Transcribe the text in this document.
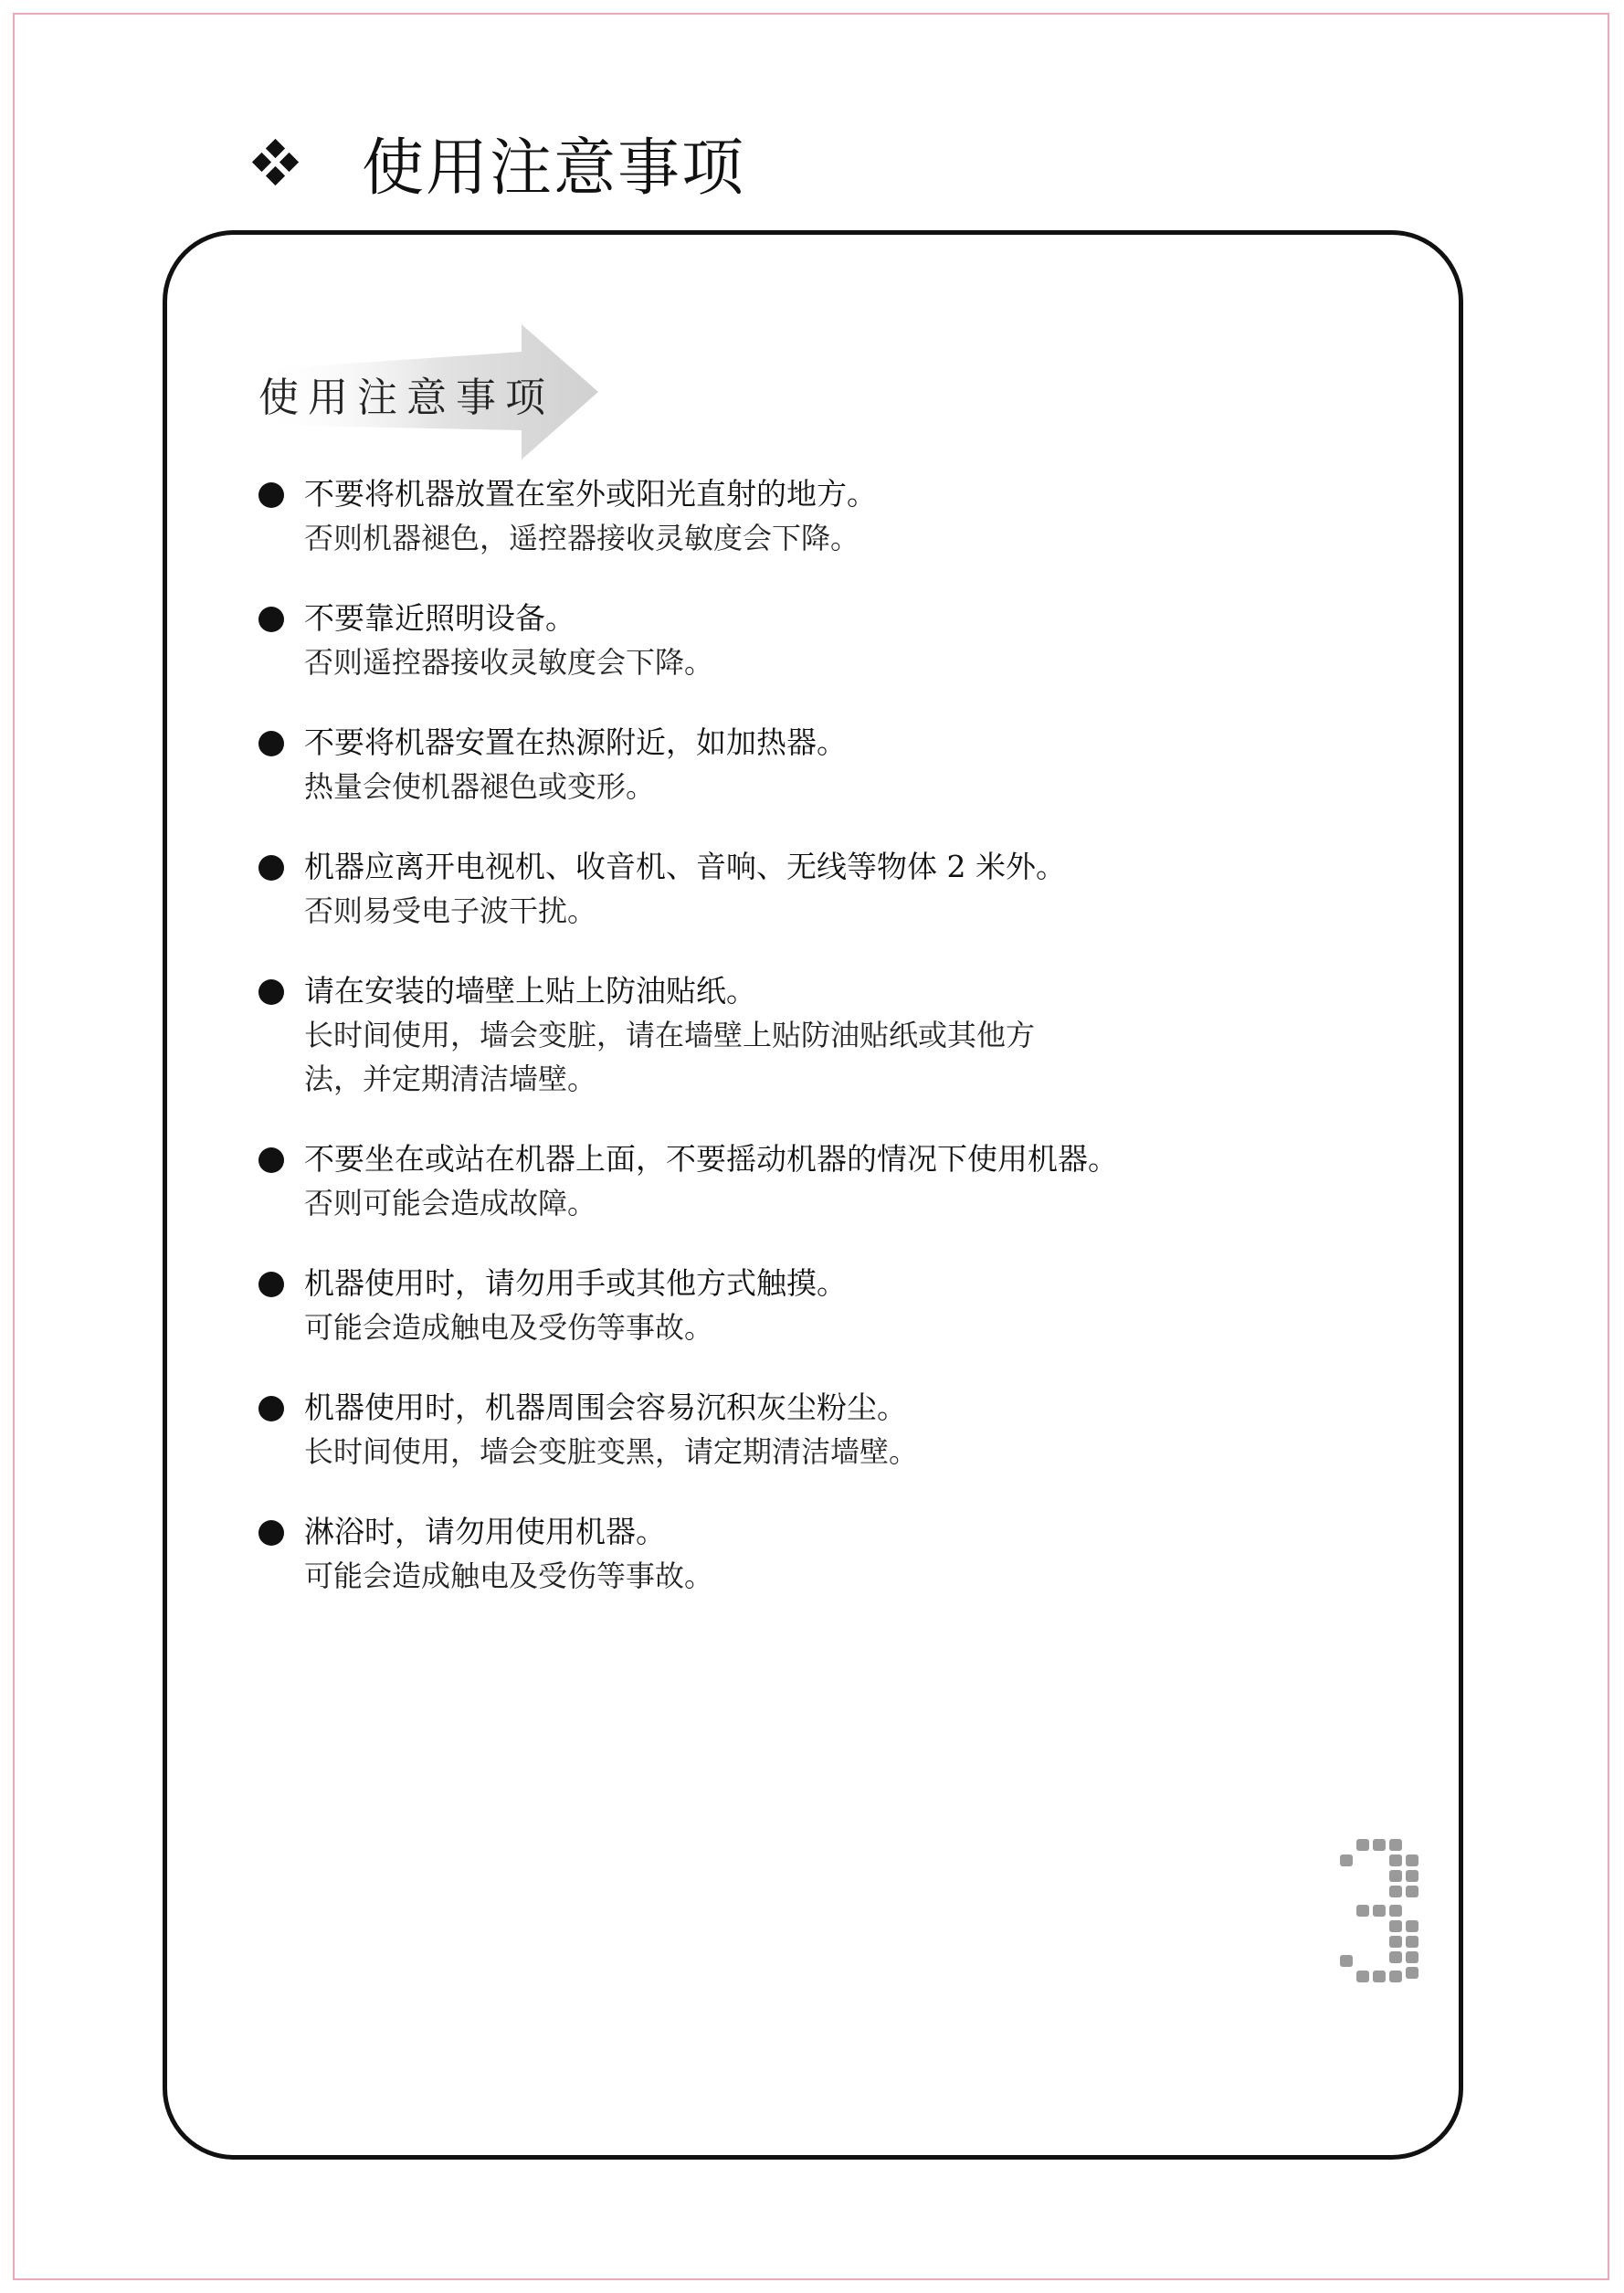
使用注意事项
使用注意事项
不要将机器放置在室外或阳光直射的地方。
否则机器褪色，遥控器接收灵敏度会下降。
不要靠近照明设备。
否则遥控器接收灵敏度会下降。
不要将机器安置在热源附近，如加热器。
热量会使机器褪色或变形。
机器应离开电视机、收音机、音响、无线等物体 2 米外。
否则易受电子波干扰。
请在安装的墙壁上贴上防油贴纸。
长时间使用，墙会变脏，请在墙壁上贴防油贴纸或其他方
法，并定期清洁墙壁。
不要坐在或站在机器上面，不要摇动机器的情况下使用机器。
否则可能会造成故障。
机器使用时，请勿用手或其他方式触摸。
可能会造成触电及受伤等事故。
机器使用时，机器周围会容易沉积灰尘粉尘。
长时间使用，墙会变脏变黑，请定期清洁墙壁。
淋浴时，请勿用使用机器。
可能会造成触电及受伤等事故。
